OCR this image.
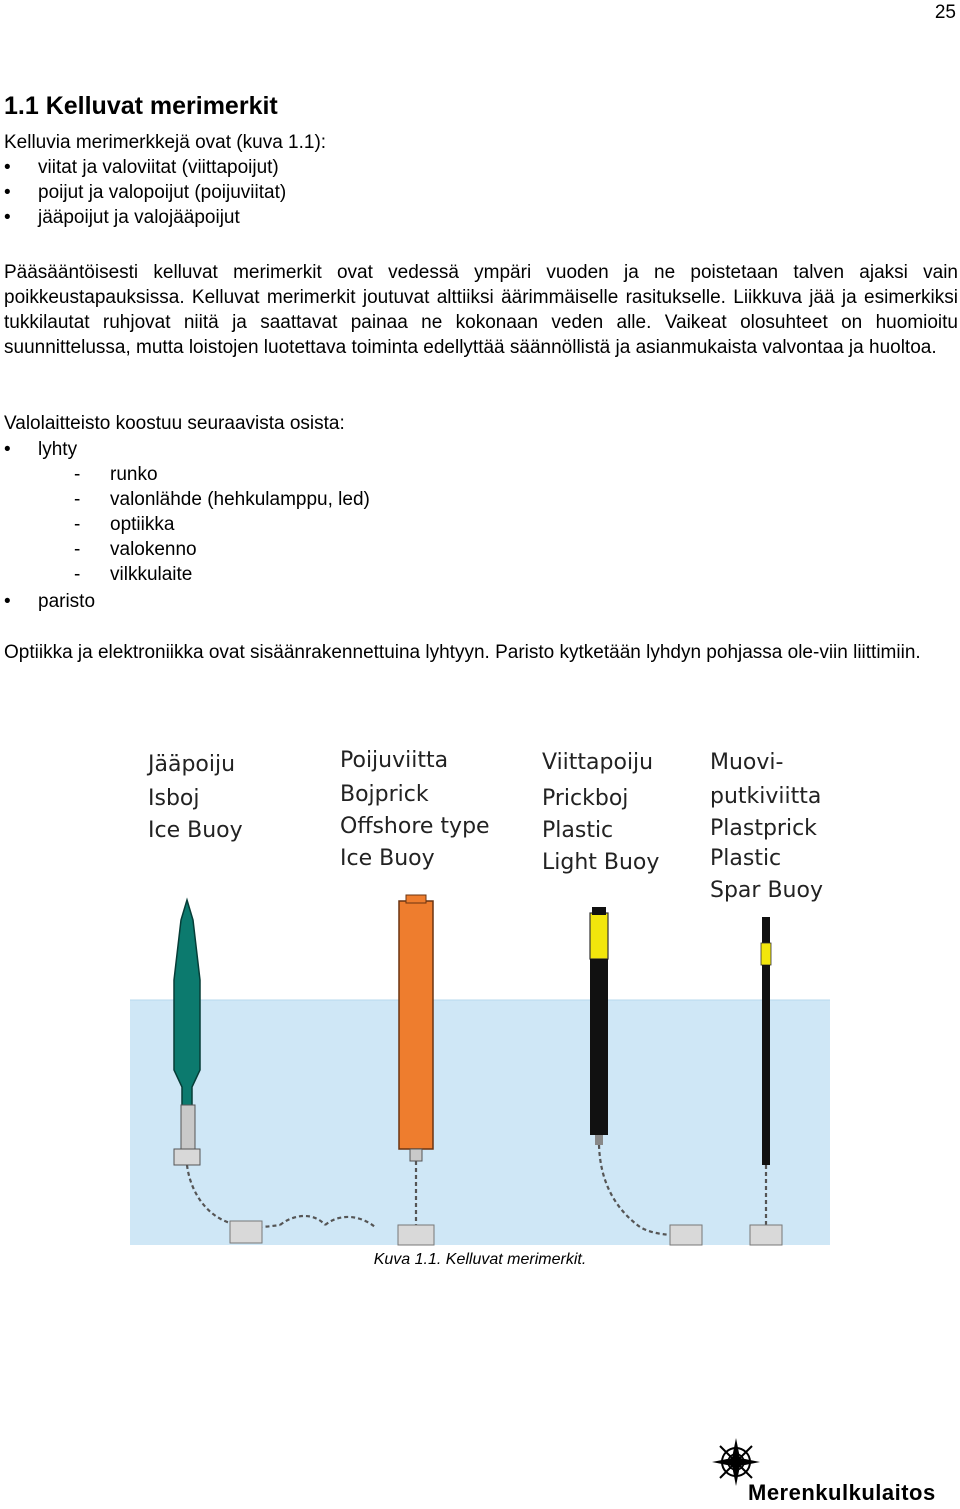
25
1.1 Kelluvat merimerkit
Kelluvia merimerkkejä ovat (kuva 1.1):
• viitat ja valoviitat (viittapoijut)
• poijut ja valopoijut (poijuviitat)
• jääpoijut ja valojääpoijut
Pääsääntöisesti kelluvat merimerkit ovat vedessä ympäri vuoden ja ne poistetaan talven ajaksi vain poikkeustapauksissa. Kelluvat merimerkit joutuvat alttiiksi äärimmäiselle rasitukselle. Liikkuva jää ja esimerkiksi tukkilautat ruhjovat niitä ja saattavat painaa ne kokonaan veden alle. Vaikeat olosuhteet on huomioitu suunnittelussa, mutta loistojen luotettava toiminta edellyttää säännöllistä ja asianmukaista valvontaa ja huoltoa.
Valolaitteisto koostuu seuraavista osista:
• lyhty
- runko
- valonlähde (hehkulamppu, led)
- optiikka
- valokenno
- vilkkulaite
• paristo
Optiikka ja elektroniikka ovat sisäänrakennettuina lyhtyyn. Paristo kytketään lyhdyn pohjassa ole-viin liittimiin.
Jääpoiju
Isboj
Ice Buoy
Poijuviitta
Bojprick
Offshore type
Ice Buoy
Viittapoiju
Prickboj
Plastic
Light Buoy
Muovi-
putkiviitta
Plastprick
Plastic
Spar Buoy
Kuva 1.1. Kelluvat merimerkit.
Merenkulkulaitos
